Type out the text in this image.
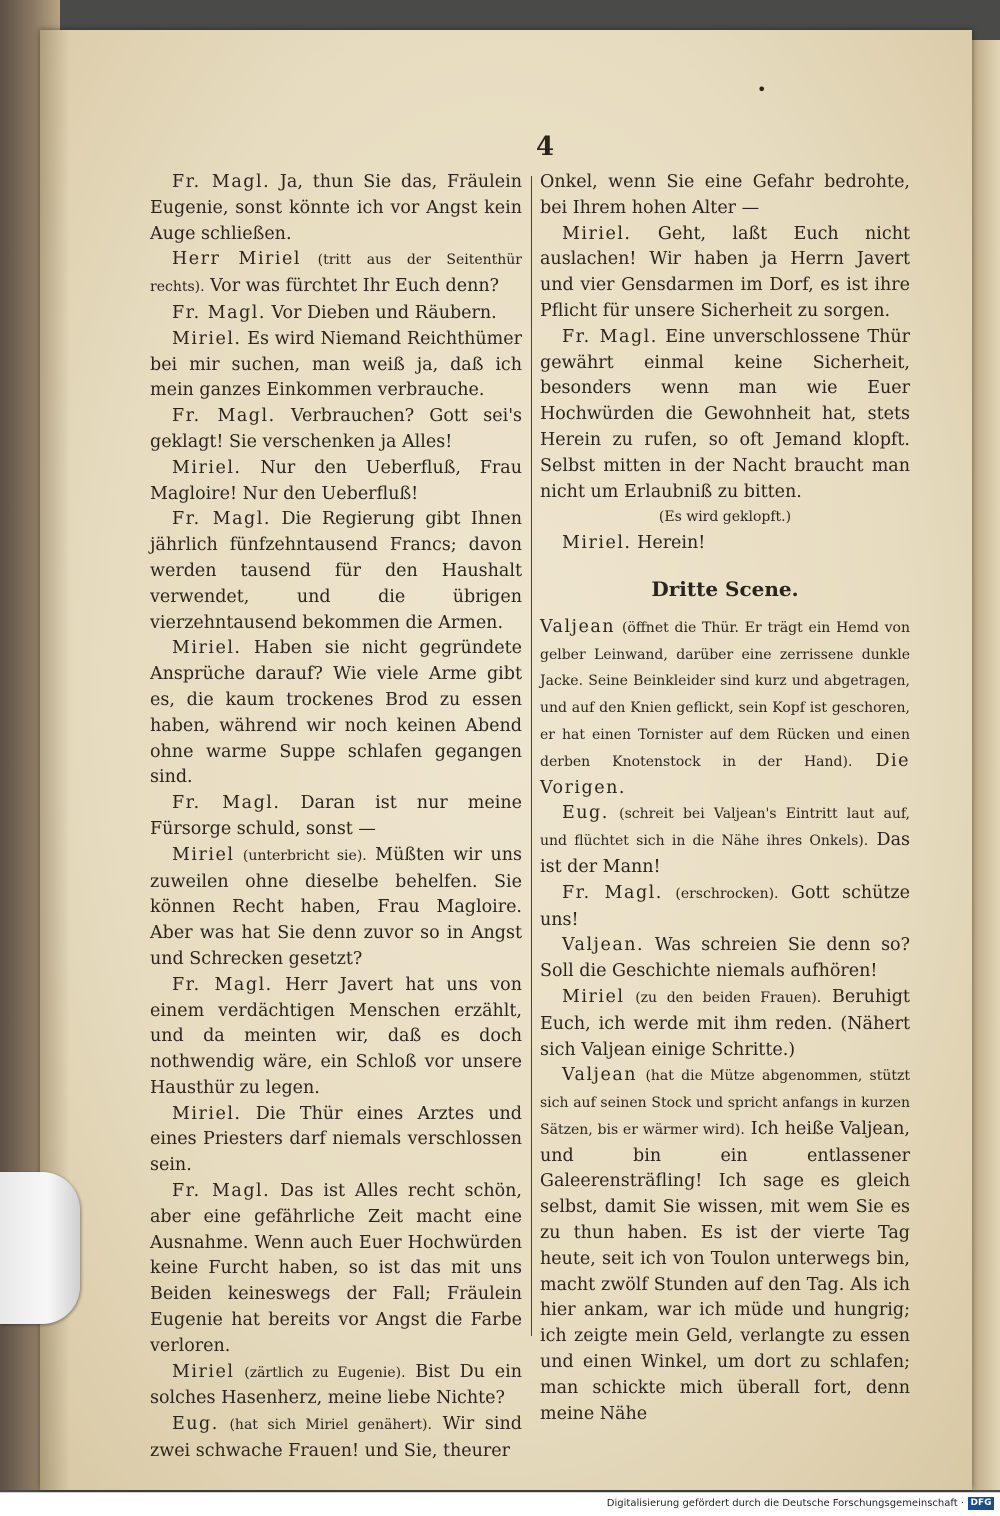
•
4

Fr. Magl. Ja, thun Sie das, Fräulein Eugenie, sonst könnte ich vor Angst kein Auge schließen.

Herr Miriel (tritt aus der Seitenthür rechts). Vor was fürchtet Ihr Euch denn?

Fr. Magl. Vor Dieben und Räubern.

Miriel. Es wird Niemand Reichthümer bei mir suchen, man weiß ja, daß ich mein ganzes Einkommen verbrauche.

Fr. Magl. Verbrauchen? Gott sei's geklagt! Sie verschenken ja Alles!

Miriel. Nur den Ueberfluß, Frau Magloire! Nur den Ueberfluß!

Fr. Magl. Die Regierung gibt Ihnen jährlich fünfzehntausend Francs; davon werden tausend für den Haushalt verwendet, und die übrigen vierzehntausend bekommen die Armen.

Miriel. Haben sie nicht gegründete Ansprüche darauf? Wie viele Arme gibt es, die kaum trockenes Brod zu essen haben, während wir noch keinen Abend ohne warme Suppe schlafen gegangen sind.

Fr. Magl. Daran ist nur meine Fürsorge schuld, sonst —

Miriel (unterbricht sie). Müßten wir uns zuweilen ohne dieselbe behelfen. Sie können Recht haben, Frau Magloire. Aber was hat Sie denn zuvor so in Angst und Schrecken gesetzt?

Fr. Magl. Herr Javert hat uns von einem verdächtigen Menschen erzählt, und da meinten wir, daß es doch nothwendig wäre, ein Schloß vor unsere Hausthür zu legen.

Miriel. Die Thür eines Arztes und eines Priesters darf niemals verschlossen sein.

Fr. Magl. Das ist Alles recht schön, aber eine gefährliche Zeit macht eine Ausnahme. Wenn auch Euer Hochwürden keine Furcht haben, so ist das mit uns Beiden keineswegs der Fall; Fräulein Eugenie hat bereits vor Angst die Farbe verloren.

Miriel (zärtlich zu Eugenie). Bist Du ein solches Hasenherz, meine liebe Nichte?

Eug. (hat sich Miriel genähert). Wir sind zwei schwache Frauen! und Sie, theurer

Onkel, wenn Sie eine Gefahr bedrohte, bei Ihrem hohen Alter —

Miriel. Geht, laßt Euch nicht auslachen! Wir haben ja Herrn Javert und vier Gensdarmen im Dorf, es ist ihre Pflicht für unsere Sicherheit zu sorgen.

Fr. Magl. Eine unverschlossene Thür gewährt einmal keine Sicherheit, besonders wenn man wie Euer Hochwürden die Gewohnheit hat, stets Herein zu rufen, so oft Jemand klopft. Selbst mitten in der Nacht braucht man nicht um Erlaubniß zu bitten.

(Es wird geklopft.)

Miriel. Herein!

Dritte Scene.

Valjean (öffnet die Thür. Er trägt ein Hemd von gelber Leinwand, darüber eine zerrissene dunkle Jacke. Seine Beinkleider sind kurz und abgetragen, und auf den Knien geflickt, sein Kopf ist geschoren, er hat einen Tornister auf dem Rücken und einen derben Knotenstock in der Hand). Die Vorigen.

Eug. (schreit bei Valjean's Eintritt laut auf, und flüchtet sich in die Nähe ihres Onkels). Das ist der Mann!

Fr. Magl. (erschrocken). Gott schütze uns!

Valjean. Was schreien Sie denn so? Soll die Geschichte niemals aufhören!

Miriel (zu den beiden Frauen). Beruhigt Euch, ich werde mit ihm reden. (Nähert sich Valjean einige Schritte.)

Valjean (hat die Mütze abgenommen, stützt sich auf seinen Stock und spricht anfangs in kurzen Sätzen, bis er wärmer wird). Ich heiße Valjean, und bin ein entlassener Galeerensträfling! Ich sage es gleich selbst, damit Sie wissen, mit wem Sie es zu thun haben. Es ist der vierte Tag heute, seit ich von Toulon unterwegs bin, macht zwölf Stunden auf den Tag. Als ich hier ankam, war ich müde und hungrig; ich zeigte mein Geld, verlangte zu essen und einen Winkel, um dort zu schlafen; man schickte mich überall fort, denn meine Nähe

Digitalisierung gefördert durch die Deutsche Forschungsgemeinschaft · DFG
